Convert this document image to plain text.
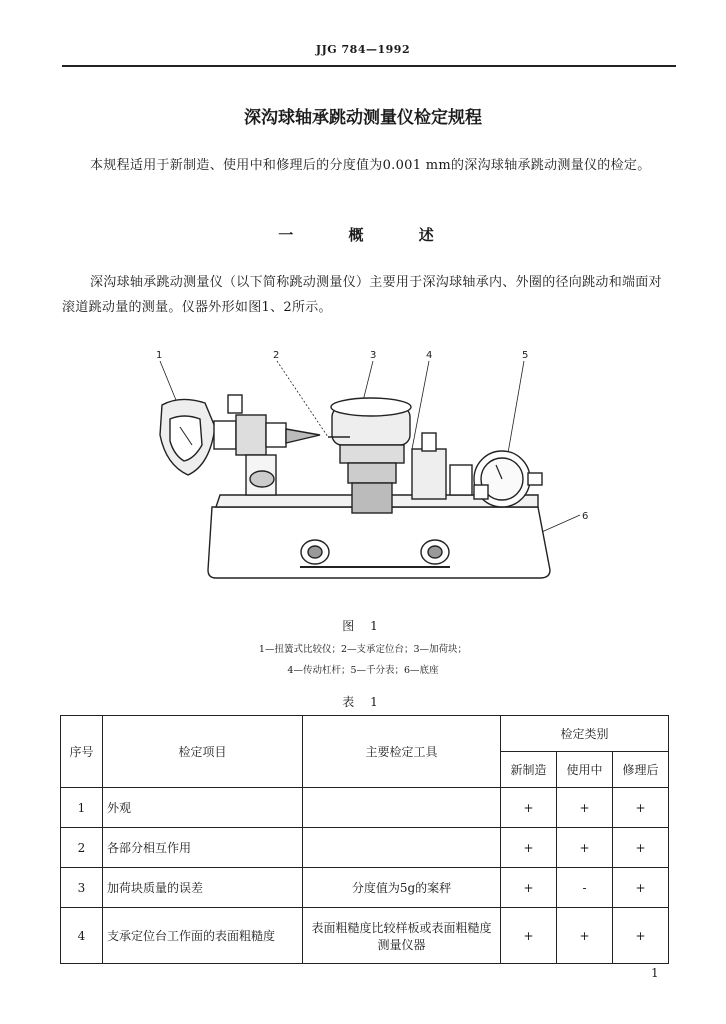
JJG 784—1992
深沟球轴承跳动测量仪检定规程
本规程适用于新制造、使用中和修理后的分度值为0.001 mm的深沟球轴承跳动测量仪的检定。
一 概 述
深沟球轴承跳动测量仪（以下简称跳动测量仪）主要用于深沟球轴承内、外圈的径向跳动和端面对滚道跳动量的测量。仪器外形如图1、2所示。
1	2	3	4	5
6
图 1
1—扭簧式比较仪；2—支承定位台；3—加荷块；
4—传动杠杆；5—千分表；6—底座
表 1
序号	检定项目	主要检定工具	检定类别		
			新制造	使用中	修理后
1	外观		+	+	+
2	各部分相互作用		+	+	+
3	加荷块质量的误差	分度值为5g的案秤	+	-	+
4	支承定位台工作面的表面粗糙度	表面粗糙度比较样板或表面粗糙度测量仪器	+	+	+
1
